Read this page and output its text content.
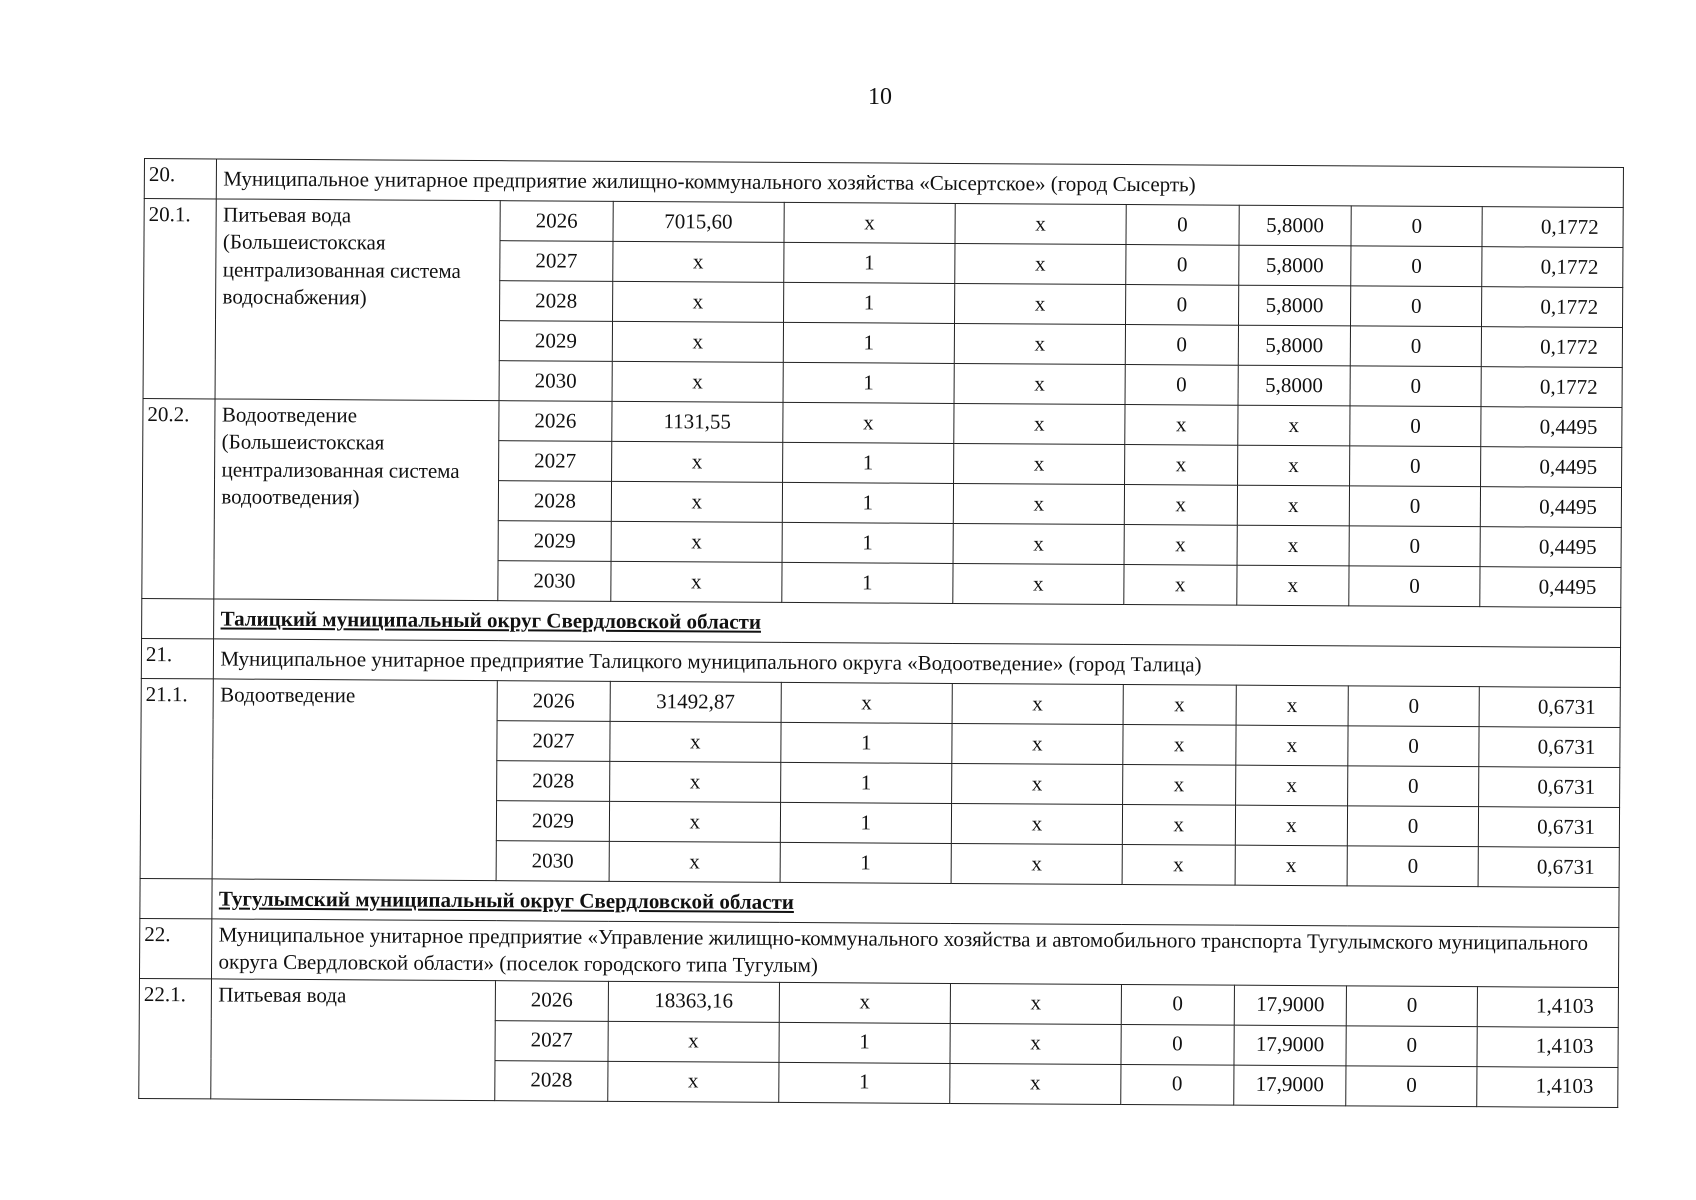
10
20.	Муниципальное унитарное предприятие жилищно-коммунального хозяйства «Сысертское» (город Сысерть)								
20.1.	Питьевая вода (Большеистокская централизованная система водоснабжения)	2026	7015,60	x	x	0	5,8000	0	0,1772
		2027	x	1	x	0	5,8000	0	0,1772
		2028	x	1	x	0	5,8000	0	0,1772
		2029	x	1	x	0	5,8000	0	0,1772
		2030	x	1	x	0	5,8000	0	0,1772
20.2.	Водоотведение (Большеистокская централизованная система водоотведения)	2026	1131,55	x	x	x	x	0	0,4495
		2027	x	1	x	x	x	0	0,4495
		2028	x	1	x	x	x	0	0,4495
		2029	x	1	x	x	x	0	0,4495
		2030	x	1	x	x	x	0	0,4495
	Талицкий муниципальный округ Свердловской области								
21.	Муниципальное унитарное предприятие Талицкого муниципального округа «Водоотведение» (город Талица)								
21.1.	Водоотведение	2026	31492,87	x	x	x	x	0	0,6731
		2027	x	1	x	x	x	0	0,6731
		2028	x	1	x	x	x	0	0,6731
		2029	x	1	x	x	x	0	0,6731
		2030	x	1	x	x	x	0	0,6731
	Тугулымский муниципальный округ Свердловской области								
22.	Муниципальное унитарное предприятие «Управление жилищно-коммунального хозяйства и автомобильного транспорта Тугулымского муниципального округа Свердловской области» (поселок городского типа Тугулым)								
22.1.	Питьевая вода	2026	18363,16	x	x	0	17,9000	0	1,4103
		2027	x	1	x	0	17,9000	0	1,4103
		2028	x	1	x	0	17,9000	0	1,4103
